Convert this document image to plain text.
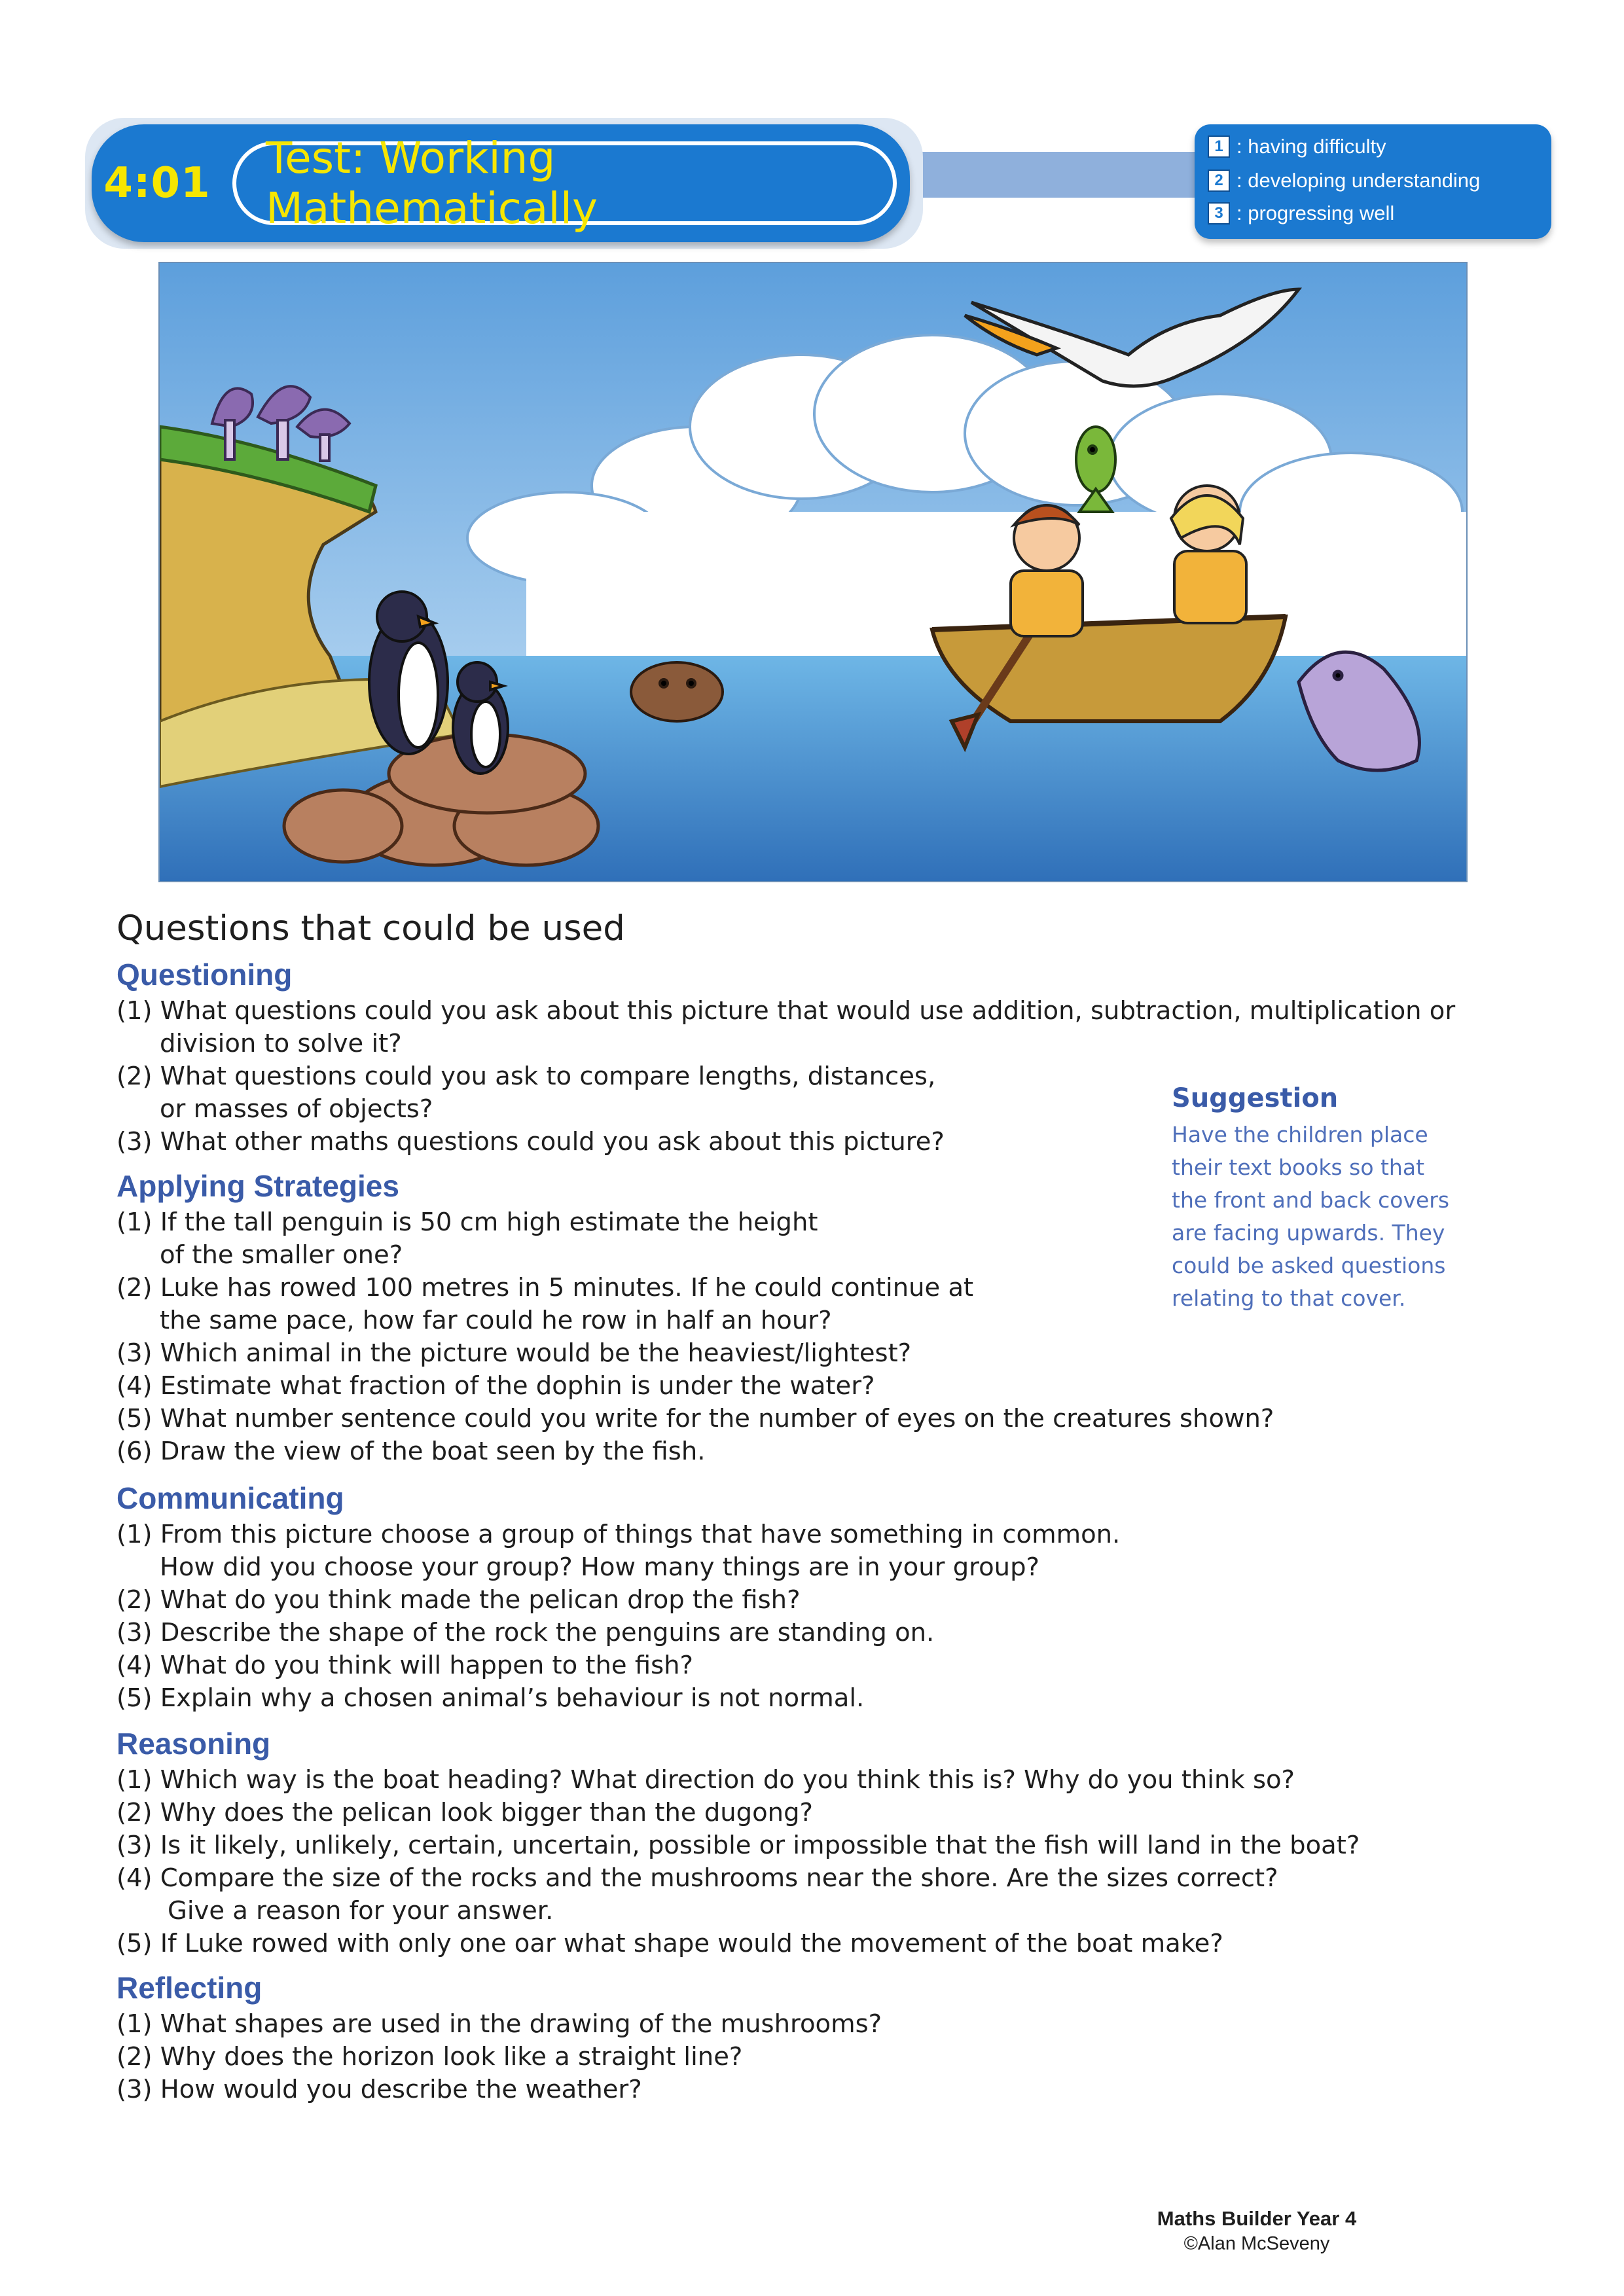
4:01 Test: Working Mathematically
1 : having difficulty
2 : developing understanding
3 : progressing well
Questions that could be used
Questioning
(1) What questions could you ask about this picture that would use addition, subtraction, multiplication or division to solve it?
(2) What questions could you ask to compare lengths, distances,
or masses of objects?
(3) What other maths questions could you ask about this picture?
Applying Strategies
(1) If the tall penguin is 50 cm high estimate the height
of the smaller one?
(2) Luke has rowed 100 metres in 5 minutes. If he could continue at
the same pace, how far could he row in half an hour?
(3) Which animal in the picture would be the heaviest/lightest?
(4) Estimate what fraction of the dophin is under the water?
(5) What number sentence could you write for the number of eyes on the creatures shown?
(6) Draw the view of the boat seen by the fish.
Communicating
(1) From this picture choose a group of things that have something in common.
How did you choose your group? How many things are in your group?
(2) What do you think made the pelican drop the fish?
(3) Describe the shape of the rock the penguins are standing on.
(4) What do you think will happen to the fish?
(5) Explain why a chosen animal’s behaviour is not normal.
Reasoning
(1) Which way is the boat heading? What direction do you think this is? Why do you think so?
(2) Why does the pelican look bigger than the dugong?
(3) Is it likely, unlikely, certain, uncertain, possible or impossible that the fish will land in the boat?
(4) Compare the size of the rocks and the mushrooms near the shore. Are the sizes correct?
Give a reason for your answer.
(5) If Luke rowed with only one oar what shape would the movement of the boat make?
Reflecting
(1) What shapes are used in the drawing of the mushrooms?
(2) Why does the horizon look like a straight line?
(3) How would you describe the weather?

Suggestion

Have the children place

their text books so that

the front and back covers

are facing upwards. They

could be asked questions

relating to that cover.

Maths Builder Year 4
©Alan McSeveny
